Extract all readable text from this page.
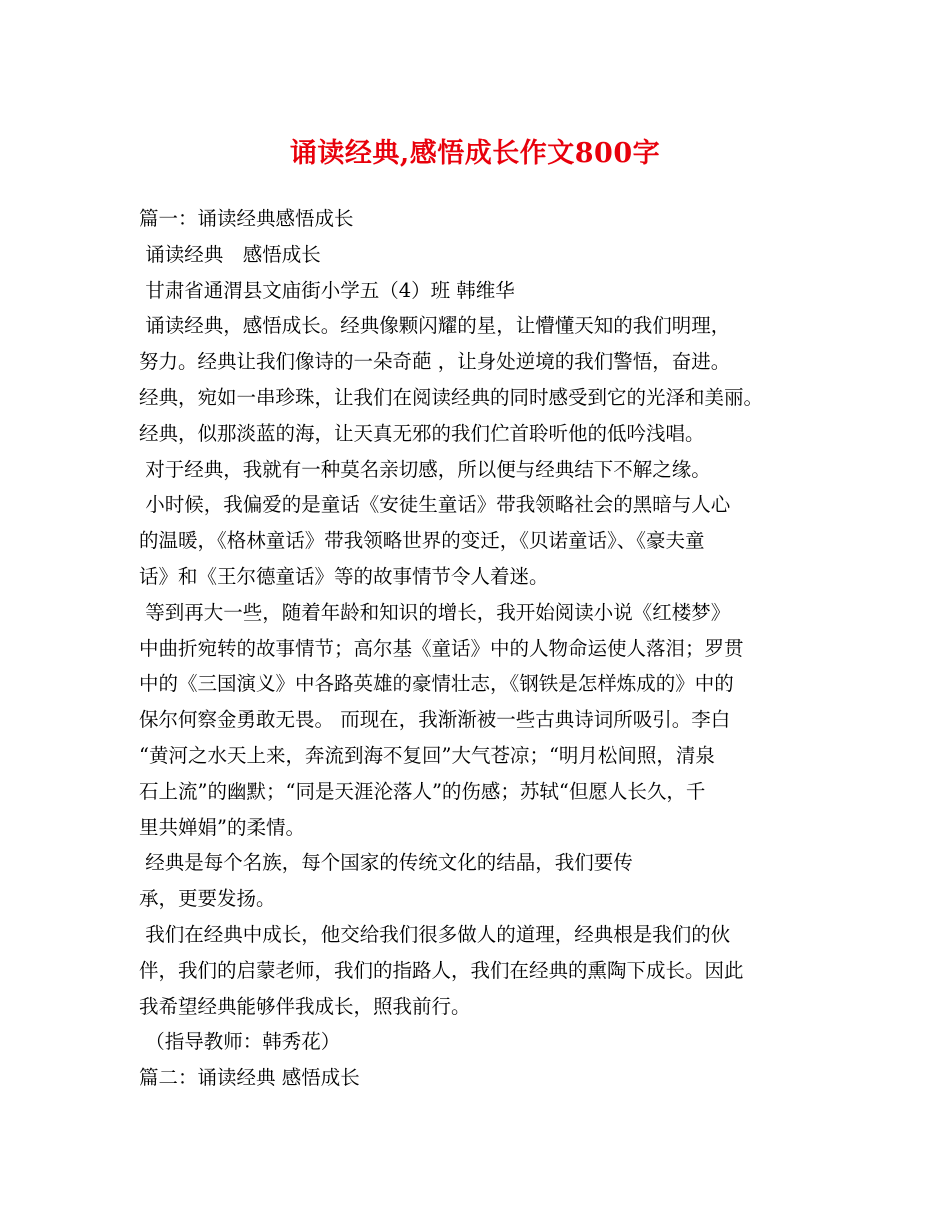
诵读经典,感悟成长作文800字
篇一：诵读经典感悟成长
诵读经典　感悟成长
甘肃省通渭县文庙街小学五（4）班 韩维华
诵读经典，感悟成长。经典像颗闪耀的星，让懵懂天知的我们明理，
努力。经典让我们像诗的一朵奇葩 ，让身处逆境的我们警悟，奋进。
经典，宛如一串珍珠，让我们在阅读经典的同时感受到它的光泽和美丽。
经典，似那淡蓝的海，让天真无邪的我们伫首聆听他的低吟浅唱。
对于经典，我就有一种莫名亲切感，所以便与经典结下不解之缘。
小时候，我偏爱的是童话《安徒生童话》带我领略社会的黑暗与人心
的温暖，《格林童话》带我领略世界的变迁，《贝诺童话》、《豪夫童
话》和《王尔德童话》等的故事情节令人着迷。
等到再大一些，随着年龄和知识的增长，我开始阅读小说《红楼梦》
中曲折宛转的故事情节；高尔基《童话》中的人物命运使人落泪；罗贯
中的《三国演义》中各路英雄的豪情壮志，《钢铁是怎样炼成的》中的
保尔何察金勇敢无畏。 而现在，我渐渐被一些古典诗词所吸引。李白
“黄河之水天上来，奔流到海不复回”大气苍凉；“明月松间照，清泉
石上流”的幽默；“同是天涯沦落人”的伤感；苏轼“但愿人长久，千
里共婵娟”的柔情。
经典是每个名族，每个国家的传统文化的结晶，我们要传
承，更要发扬。
我们在经典中成长，他交给我们很多做人的道理，经典根是我们的伙
伴，我们的启蒙老师，我们的指路人，我们在经典的熏陶下成长。因此
我希望经典能够伴我成长，照我前行。
（指导教师：韩秀花）
篇二：诵读经典 感悟成长
